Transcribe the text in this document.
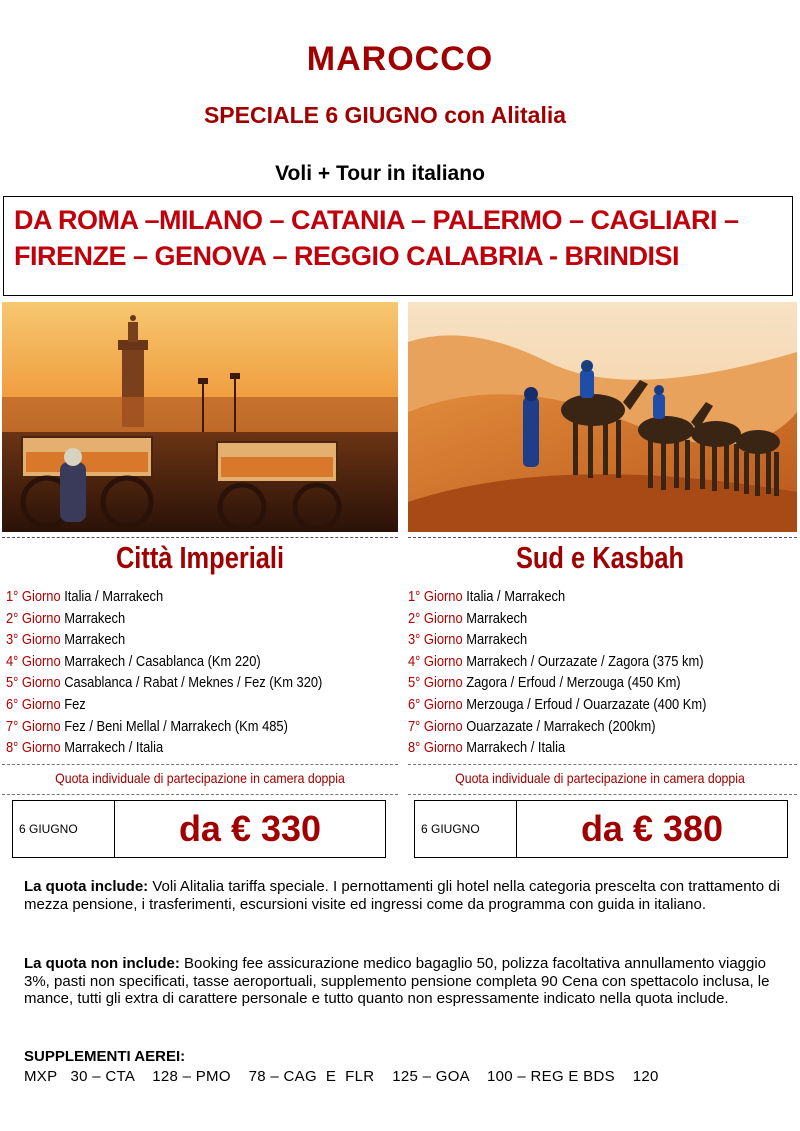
MAROCCO
SPECIALE 6 GIUGNO con Alitalia
Voli + Tour in italiano
DA ROMA –MILANO – CATANIA – PALERMO – CAGLIARI –
FIRENZE – GENOVA – REGGIO CALABRIA - BRINDISI
Città Imperiali
1° Giorno Italia / Marrakech
2° Giorno Marrakech
3° Giorno Marrakech
4° Giorno Marrakech / Casablanca (Km 220)
5° Giorno Casablanca / Rabat / Meknes / Fez (Km 320)
6° Giorno Fez
7° Giorno Fez / Beni Mellal / Marrakech (Km 485)
8° Giorno Marrakech / Italia
Quota individuale di partecipazione in camera doppia
6 GIUGNO	da € 330
Sud e Kasbah
1° Giorno Italia / Marrakech
2° Giorno Marrakech
3° Giorno Marrakech
4° Giorno Marrakech / Ourzazate / Zagora (375 km)
5° Giorno Zagora / Erfoud / Merzouga (450 Km)
6° Giorno Merzouga / Erfoud / Ouarzazate (400 Km)
7° Giorno Ouarzazate / Marrakech (200km)
8° Giorno Marrakech / Italia
Quota individuale di partecipazione in camera doppia
6 GIUGNO	da € 380
La quota include: Voli Alitalia tariffa speciale. I pernottamenti gli hotel nella categoria prescelta con trattamento di mezza pensione, i trasferimenti, escursioni visite ed ingressi come da programma con guida in italiano.
La quota non include: Booking fee assicurazione medico bagaglio 50, polizza facoltativa annullamento viaggio 3%, pasti non specificati, tasse aeroportuali, supplemento pensione completa 90 Cena con spettacolo inclusa, le mance, tutti gli extra di carattere personale e tutto quanto non espressamente indicato nella quota include.
SUPPLEMENTI AEREI:
MXP   30 – CTA    128 – PMO    78 – CAG  E  FLR    125 – GOA    100 – REG E BDS    120
